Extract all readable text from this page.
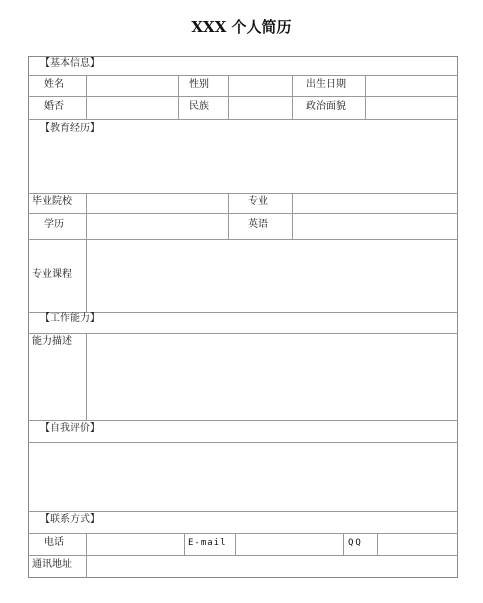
XXX 个人简历
【基本信息】
【教育经历】
【工作能力】
【自我评价】
【联系方式】
姓名	性别	出生日期
婚否	民族	政治面貌
毕业院校	专业
学历	英语
专业课程
能力描述
电话	E-mail	QQ
通讯地址
